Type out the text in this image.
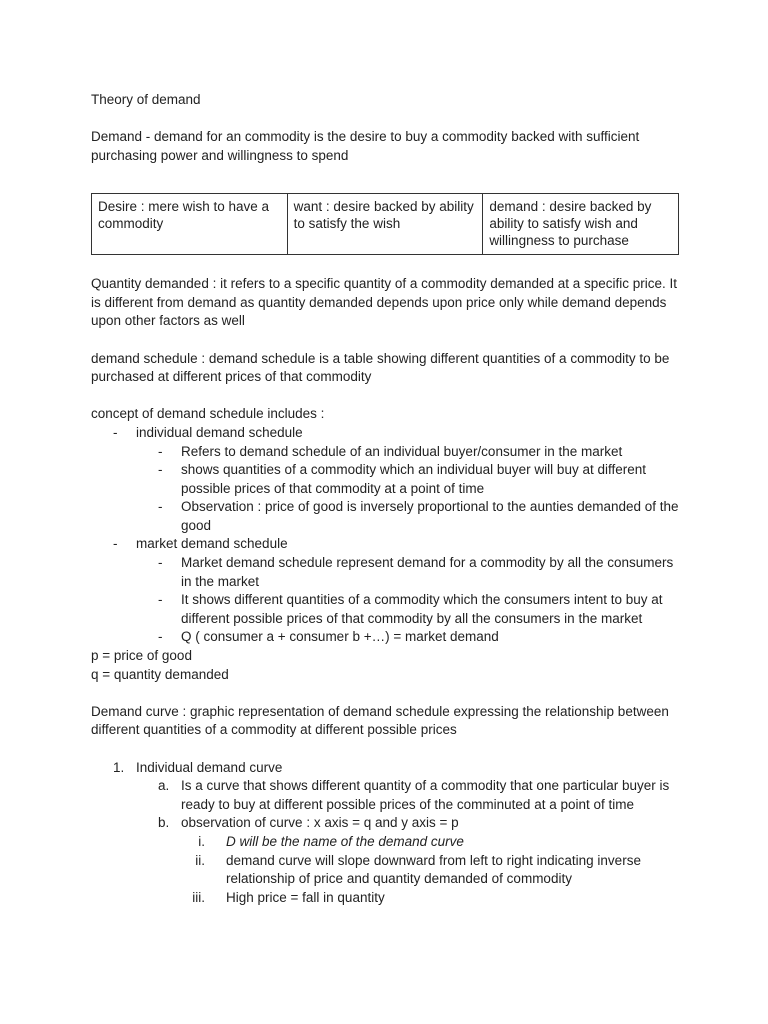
Theory of demand

Demand - demand for an commodity is the desire to buy a commodity backed with sufficient purchasing power and willingness to spend

Desire : mere wish to have a commodity	want : desire backed by ability to satisfy the wish	demand : desire backed by ability to satisfy wish and willingness to purchase

Quantity demanded : it refers to a specific quantity of a commodity demanded at a specific price. It is different from demand as quantity demanded depends upon price only while demand depends upon other factors as well

demand schedule : demand schedule is a table showing different quantities of a commodity to be purchased at different prices of that commodity

concept of demand schedule includes :

- individual demand schedule
- Refers to demand schedule of an individual buyer/consumer in the market
- shows quantities of a commodity which an individual buyer will buy at different possible prices of that commodity at a point of time
- Observation : price of good is inversely proportional to the aunties demanded of the good
- market demand schedule
- Market demand schedule represent demand for a commodity by all the consumers in the market
- It shows different quantities of a commodity which the consumers intent to buy at different possible prices of that commodity by all the consumers in the market
- Q ( consumer a + consumer b +…) = market demand

p = price of good

q = quantity demanded

Demand curve : graphic representation of demand schedule expressing the relationship between different quantities of a commodity at different possible prices

1. Individual demand curve
a. Is a curve that shows different quantity of a commodity that one particular buyer is ready to buy at different possible prices of the comminuted at a point of time
b. observation of curve : x axis = q and y axis = p
i. D will be the name of the demand curve
ii. demand curve will slope downward from left to right indicating inverse relationship of price and quantity demanded of commodity
iii. High price = fall in quantity
